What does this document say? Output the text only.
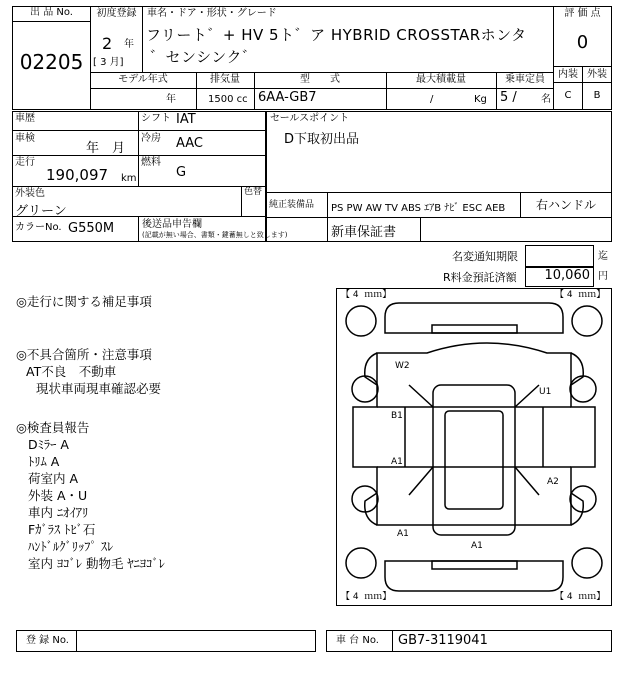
出 品 No.
02205
初度登録
2 年
[ 3 月]
車名・ドア・形状・グレード
フリート゛+ HV 5ト゛ア HYBRID CROSSTARホンタ
゛センシンク゛
評 価 点
0
内装 外装
C	B
モデル年式
年
排気量
1500 cc
型　　式
6AA-GB7
最大積載量
/	Kg
乗車定員
5 / 名
車歴
車検
年　月
走行
190,097 km
シフト IAT
冷房 AAC
燃料
G
外装色
グリーン
色替
カラーNo. G550M	後送品申告欄
(記載が無い場合、書類・鍵蓄無しと致します)
セールスポイント
D下取初出品
純正装備品 PS PW AW TV ABS ｴｱB ﾅﾋﾞ ESC AEB	右ハンドル
新車保証書
名変通知期限	迄
R料金預託済額	10,060 円
◎走行に関する補足事項
◎不具合箇所・注意事項
AT不良　不動車
現状車両現車確認必要
◎検査員報告
Dﾐﾗｰ A
ﾄﾘﾑ A
荷室内 A
外装 A・U
車内 ﾆｵｲｱﾘ
Fｶﾞﾗｽ ﾄﾋﾞ石
ﾊﾝﾄﾞﾙｸﾞﾘｯﾌﾟ ｽﾚ
室内 ﾖｺﾞﾚ 動物毛 ﾔﾆﾖｺﾞﾚ
【 4  ｍｍ】	【 4  ｍｍ】
【 4  ｍｍ】	【 4  ｍｍ】
W2
U1
B1
A1
A2
A1
A1
登 録 No.	車 台 No. GB7-3119041
